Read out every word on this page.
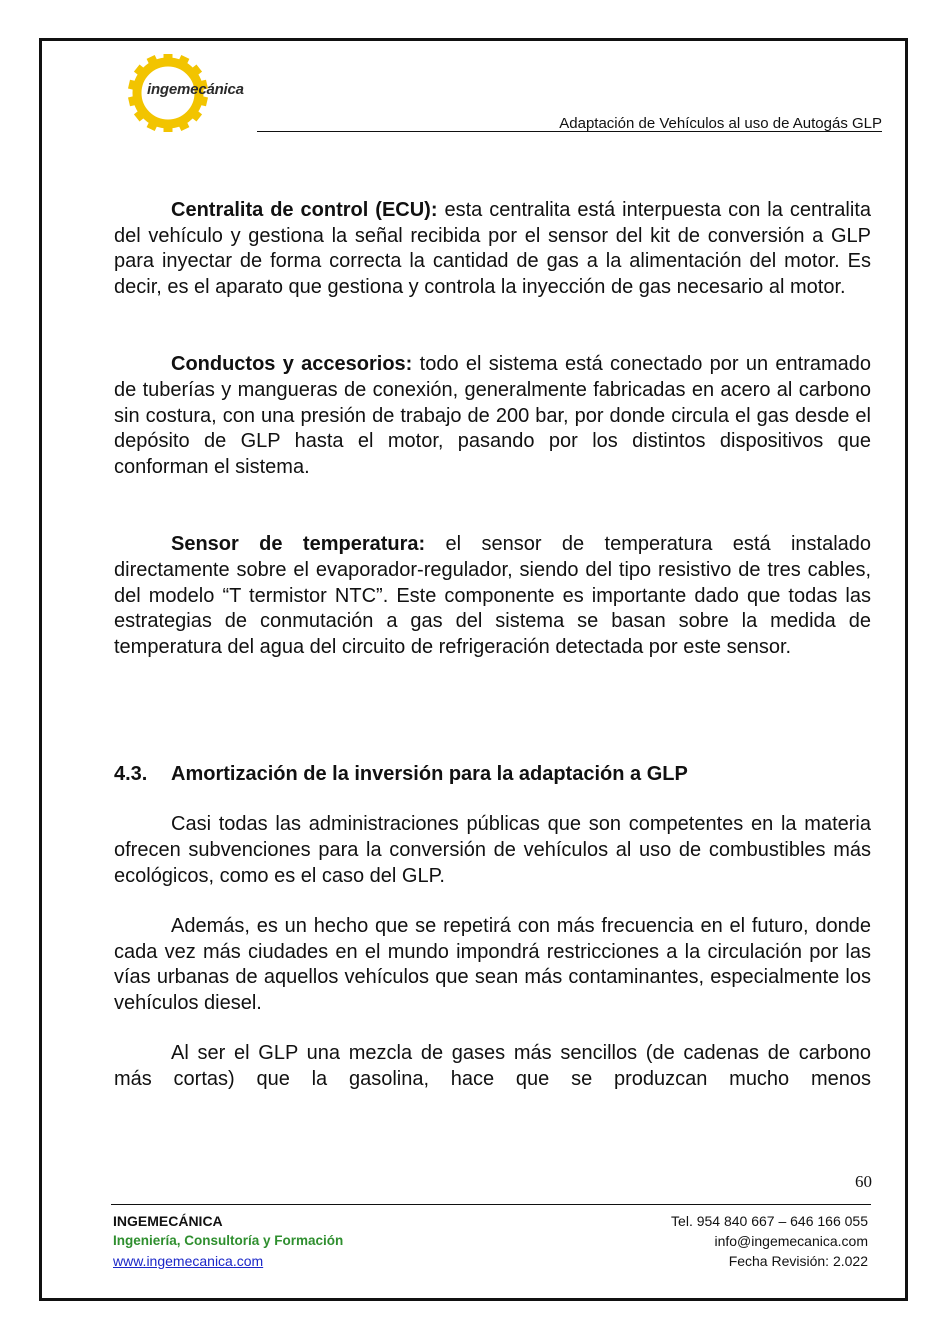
ingemecánica
Adaptación de Vehículos al uso de Autogás GLP

Centralita de control (ECU): esta centralita está interpuesta con la centralita del vehículo y gestiona la señal recibida por el sensor del kit de conversión a GLP para inyectar de forma correcta la cantidad de gas a la alimentación del motor. Es decir, es el aparato que gestiona y controla la inyección de gas necesario al motor.

Conductos y accesorios: todo el sistema está conectado por un entramado de tuberías y mangueras de conexión, generalmente fabricadas en acero al carbono sin costura, con una presión de trabajo de 200 bar, por donde circula el gas desde el depósito de GLP hasta el motor, pasando por los distintos dispositivos que conforman el sistema.

Sensor de temperatura: el sensor de temperatura está instalado directamente sobre el evaporador-regulador, siendo del tipo resistivo de tres cables, del modelo “T termistor NTC”. Este componente es importante dado que todas las estrategias de conmutación a gas del sistema se basan sobre la medida de temperatura del agua del circuito de refrigeración detectada por este sensor.

4.3. Amortización de la inversión para la adaptación a GLP

Casi todas las administraciones públicas que son competentes en la materia ofrecen subvenciones para la conversión de vehículos al uso de combustibles más ecológicos, como es el caso del GLP.

Además, es un hecho que se repetirá con más frecuencia en el futuro, donde cada vez más ciudades en el mundo impondrá restricciones a la circulación por las vías urbanas de aquellos vehículos que sean más contaminantes, especialmente los vehículos diesel.

Al ser el GLP una mezcla de gases más sencillos (de cadenas de carbono más cortas) que la gasolina, hace que se produzcan mucho menos

60
INGEMECÁNICA
Ingeniería, Consultoría y Formación
www.ingemecanica.com
Tel. 954 840 667 – 646 166 055
info@ingemecanica.com
Fecha Revisión: 2.022
